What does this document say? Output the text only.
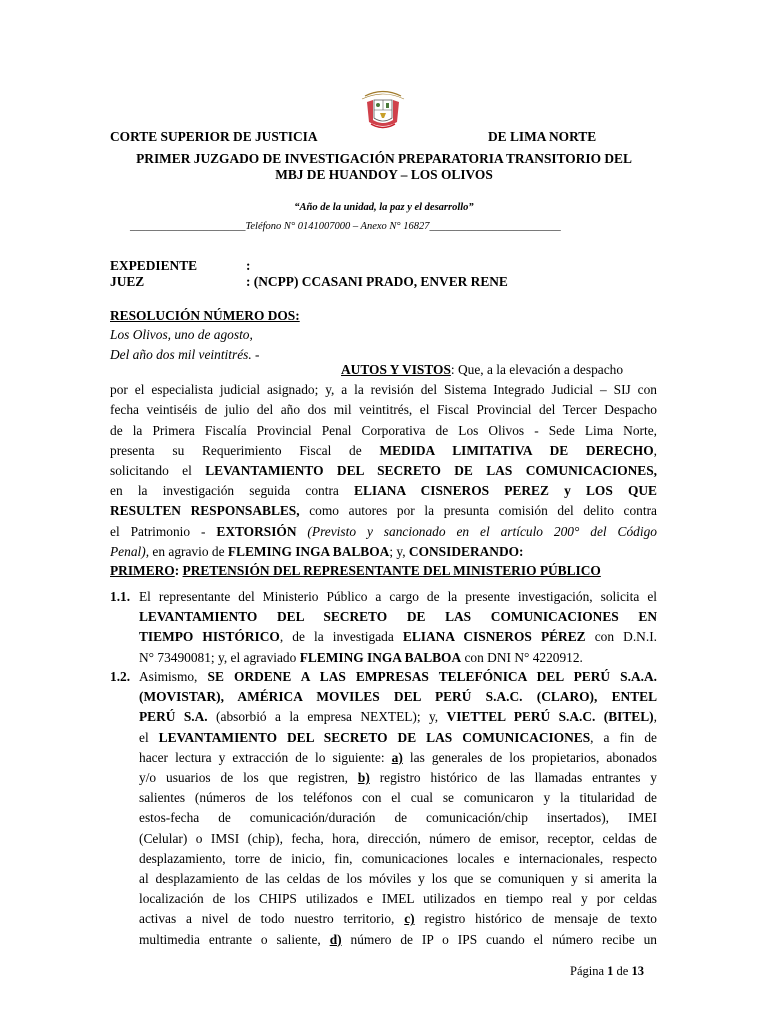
CORTE SUPERIOR DE JUSTICIA	DE LIMA NORTE
PRIMER JUZGADO DE INVESTIGACIÓN PREPARATORIA TRANSITORIO DEL
MBJ DE HUANDOY – LOS OLIVOS
“Año de la unidad, la paz y el desarrollo”
______________________Teléfono N° 0141007000 – Anexo N° 16827_________________________
EXPEDIENTE	:
JUEZ	: (NCPP) CCASANI PRADO, ENVER RENE
RESOLUCIÓN NÚMERO DOS:
Los Olivos, uno de agosto,
Del año dos mil veintitrés. -
AUTOS Y VISTOS: Que, a la elevación a despacho
por el especialista judicial asignado; y, a la revisión del Sistema Integrado Judicial – SIJ con
fecha veintiséis de julio del año dos mil veintitrés, el Fiscal Provincial del Tercer Despacho
de la Primera Fiscalía Provincial Penal Corporativa de Los Olivos - Sede Lima Norte,
presenta su Requerimiento Fiscal de MEDIDA LIMITATIVA DE DERECHO,
solicitando el LEVANTAMIENTO DEL SECRETO DE LAS COMUNICACIONES,
en la investigación seguida contra ELIANA CISNEROS PEREZ y LOS QUE
RESULTEN RESPONSABLES, como autores por la presunta comisión del delito contra
el Patrimonio - EXTORSIÓN (Previsto y sancionado en el artículo 200° del Código
Penal), en agravio de FLEMING INGA BALBOA; y, CONSIDERANDO:
PRIMERO: PRETENSIÓN DEL REPRESENTANTE DEL MINISTERIO PÚBLICO
1.1. El representante del Ministerio Público a cargo de la presente investigación, solicita el
LEVANTAMIENTO DEL SECRETO DE LAS COMUNICACIONES EN
TIEMPO HISTÓRICO, de la investigada ELIANA CISNEROS PÉREZ con D.N.I.
N° 73490081; y, el agraviado FLEMING INGA BALBOA con DNI N° 4220912.
1.2. Asimismo, SE ORDENE A LAS EMPRESAS TELEFÓNICA DEL PERÚ S.A.A.
(MOVISTAR), AMÉRICA MOVILES DEL PERÚ S.A.C. (CLARO), ENTEL
PERÚ S.A. (absorbió a la empresa NEXTEL); y, VIETTEL PERÚ S.A.C. (BITEL),
el LEVANTAMIENTO DEL SECRETO DE LAS COMUNICACIONES, a fin de
hacer lectura y extracción de lo siguiente: a) las generales de los propietarios, abonados
y/o usuarios de los que registren, b) registro histórico de las llamadas entrantes y
salientes (números de los teléfonos con el cual se comunicaron y la titularidad de
estos-fecha de comunicación/duración de comunicación/chip insertados), IMEI
(Celular) o IMSI (chip), fecha, hora, dirección, número de emisor, receptor, celdas de
desplazamiento, torre de inicio, fin, comunicaciones locales e internacionales, respecto
al desplazamiento de las celdas de los móviles y los que se comuniquen y si amerita la
localización de los CHIPS utilizados e IMEL utilizados en tiempo real y por celdas
activas a nivel de todo nuestro territorio, c) registro histórico de mensaje de texto
multimedia entrante o saliente, d) número de IP o IPS cuando el número recibe un
Página 1 de 13
